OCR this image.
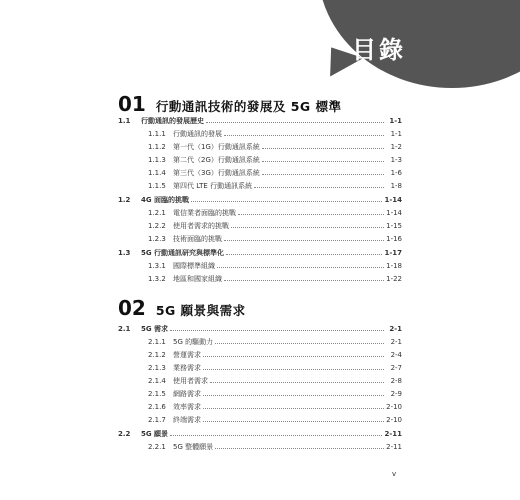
目錄
01 行動通訊技術的發展及 5G 標準
1.1	行動通訊的發展歷史	1-1
1.1.1	行動通訊的發展	1-1
1.1.2	第一代（1G）行動通訊系統	1-2
1.1.3	第二代（2G）行動通訊系統	1-3
1.1.4	第三代（3G）行動通訊系統	1-6
1.1.5	第四代 LTE 行動通訊系統	1-8
1.2	4G 面臨的挑戰	1-14
1.2.1	電信業者面臨的挑戰	1-14
1.2.2	使用者需求的挑戰	1-15
1.2.3	技術面臨的挑戰	1-16
1.3	5G 行動通訊研究與標準化	1-17
1.3.1	國際標準組織	1-18
1.3.2	地區和國家組織	1-22
02 5G 願景與需求
2.1	5G 需求	2-1
2.1.1	5G 的驅動力	2-1
2.1.2	營運需求	2-4
2.1.3	業務需求	2-7
2.1.4	使用者需求	2-8
2.1.5	網路需求	2-9
2.1.6	效率需求	2-10
2.1.7	終端需求	2-10
2.2	5G 願景	2-11
2.2.1	5G 整體願景	2-11
v
